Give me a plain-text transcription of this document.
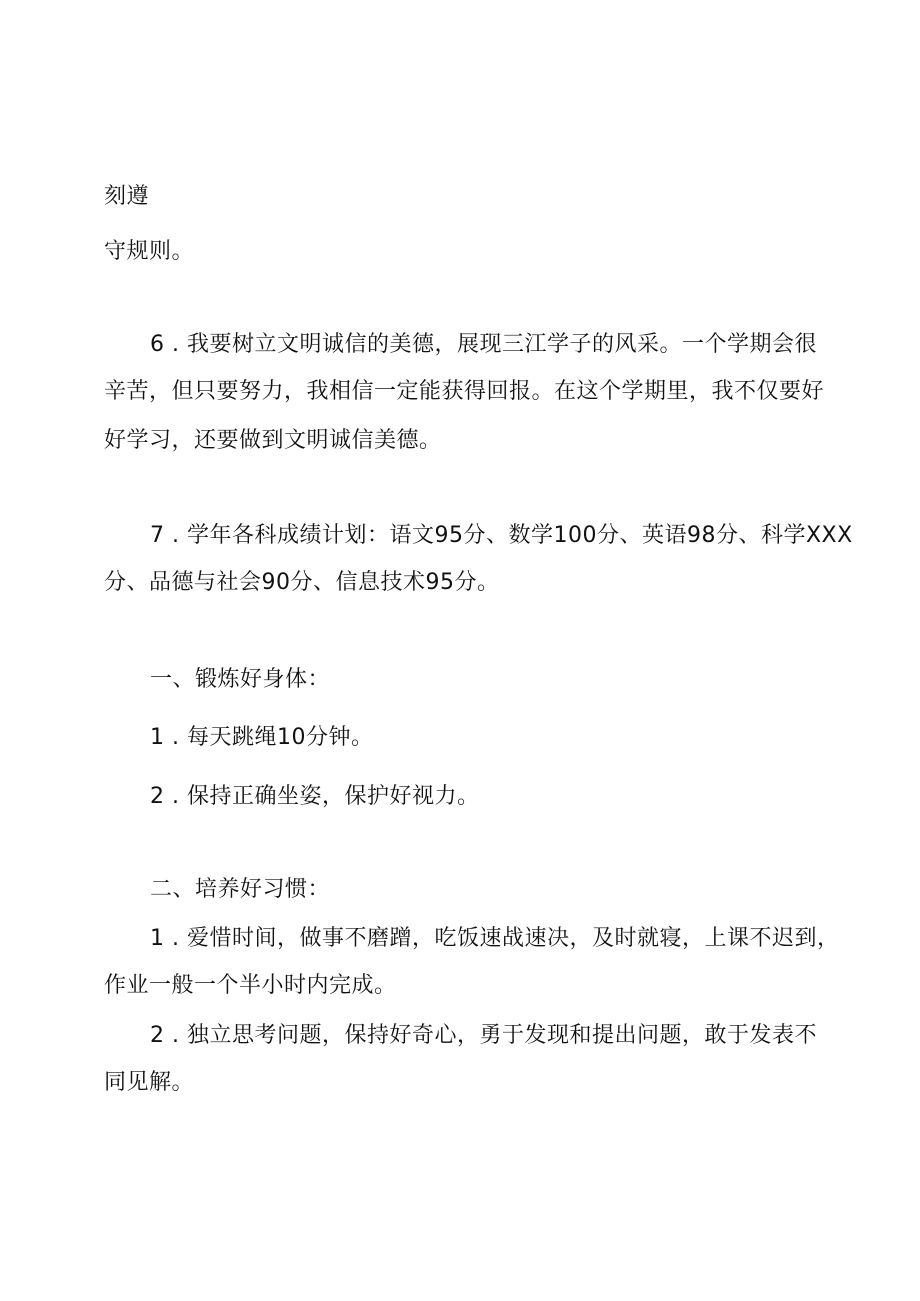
刻遵
守规则。
6 . 我要树立文明诚信的美德，展现三江学子的风采。一个学期会很
辛苦，但只要努力，我相信一定能获得回报。在这个学期里，我不仅要好
好学习，还要做到文明诚信美德。
7 . 学年各科成绩计划：语文95分、数学100分、英语98分、科学XXX
分、品德与社会90分、信息技术95分。
一、锻炼好身体：
1 . 每天跳绳10分钟。
2 . 保持正确坐姿，保护好视力。
二、培养好习惯：
1 . 爱惜时间，做事不磨蹭，吃饭速战速决，及时就寝，上课不迟到，
作业一般一个半小时内完成。
2 . 独立思考问题，保持好奇心，勇于发现和提出问题，敢于发表不
同见解。
